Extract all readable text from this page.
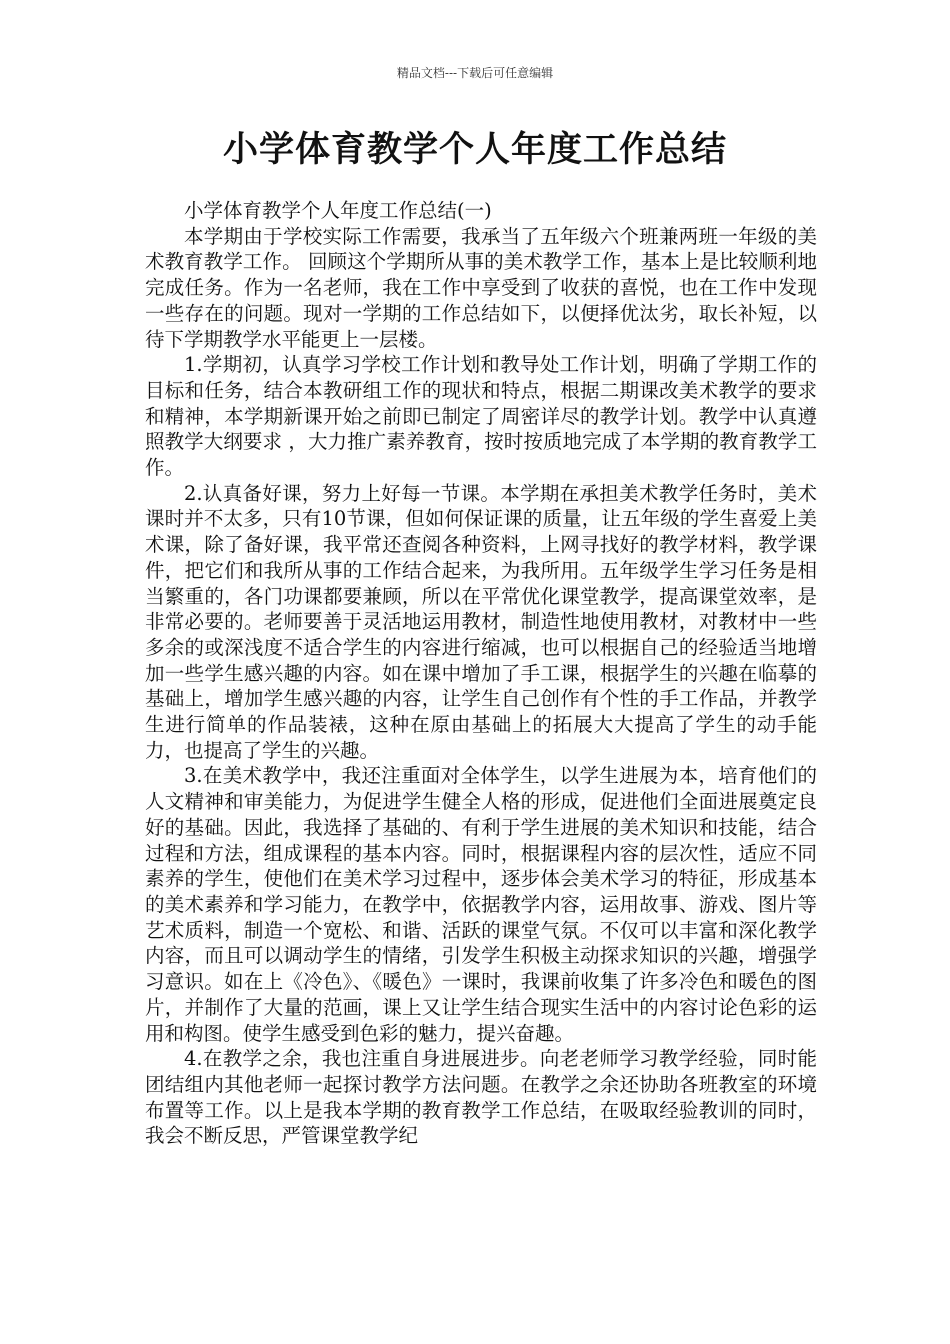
精品文档---下载后可任意编辑
小学体育教学个人年度工作总结

小学体育教学个人年度工作总结(一)

本学期由于学校实际工作需要，我承当了五年级六个班兼两班一年级的美术教育教学工作。 回顾这个学期所从事的美术教学工作，基本上是比较顺利地完成任务。作为一名老师，我在工作中享受到了收获的喜悦，也在工作中发现一些存在的问题。现对一学期的工作总结如下，以便择优汰劣，取长补短，以待下学期教学水平能更上一层楼。

1.学期初，认真学习学校工作计划和教导处工作计划，明确了学期工作的目标和任务，结合本教研组工作的现状和特点，根据二期课改美术教学的要求和精神，本学期新课开始之前即已制定了周密详尽的教学计划。教学中认真遵照教学大纲要求 ，大力推广素养教育，按时按质地完成了本学期的教育教学工作。

2.认真备好课，努力上好每一节课。本学期在承担美术教学任务时，美术课时并不太多，只有10节课，但如何保证课的质量，让五年级的学生喜爱上美术课，除了备好课，我平常还查阅各种资料，上网寻找好的教学材料，教学课件，把它们和我所从事的工作结合起来，为我所用。五年级学生学习任务是相当繁重的，各门功课都要兼顾，所以在平常优化课堂教学，提高课堂效率，是非常必要的。老师要善于灵活地运用教材，制造性地使用教材，对教材中一些多余的或深浅度不适合学生的内容进行缩减，也可以根据自己的经验适当地增加一些学生感兴趣的内容。如在课中增加了手工课，根据学生的兴趣在临摹的基础上，增加学生感兴趣的内容，让学生自己创作有个性的手工作品，并教学生进行简单的作品装裱，这种在原由基础上的拓展大大提高了学生的动手能力，也提高了学生的兴趣。

3.在美术教学中，我还注重面对全体学生，以学生进展为本，培育他们的人文精神和审美能力，为促进学生健全人格的形成，促进他们全面进展奠定良好的基础。因此，我选择了基础的、有利于学生进展的美术知识和技能，结合过程和方法，组成课程的基本内容。同时，根据课程内容的层次性，适应不同素养的学生，使他们在美术学习过程中，逐步体会美术学习的特征，形成基本的美术素养和学习能力，在教学中，依据教学内容，运用故事、游戏、图片等艺术质料，制造一个宽松、和谐、活跃的课堂气氛。不仅可以丰富和深化教学内容，而且可以调动学生的情绪，引发学生积极主动探求知识的兴趣，增强学习意识。如在上《冷色》、《暖色》一课时，我课前收集了许多冷色和暖色的图片，并制作了大量的范画，课上又让学生结合现实生活中的内容讨论色彩的运用和构图。使学生感受到色彩的魅力，提兴奋趣。

4.在教学之余，我也注重自身进展进步。向老老师学习教学经验，同时能团结组内其他老师一起探讨教学方法问题。在教学之余还协助各班教室的环境布置等工作。以上是我本学期的教育教学工作总结，在吸取经验教训的同时，我会不断反思，严管课堂教学纪
